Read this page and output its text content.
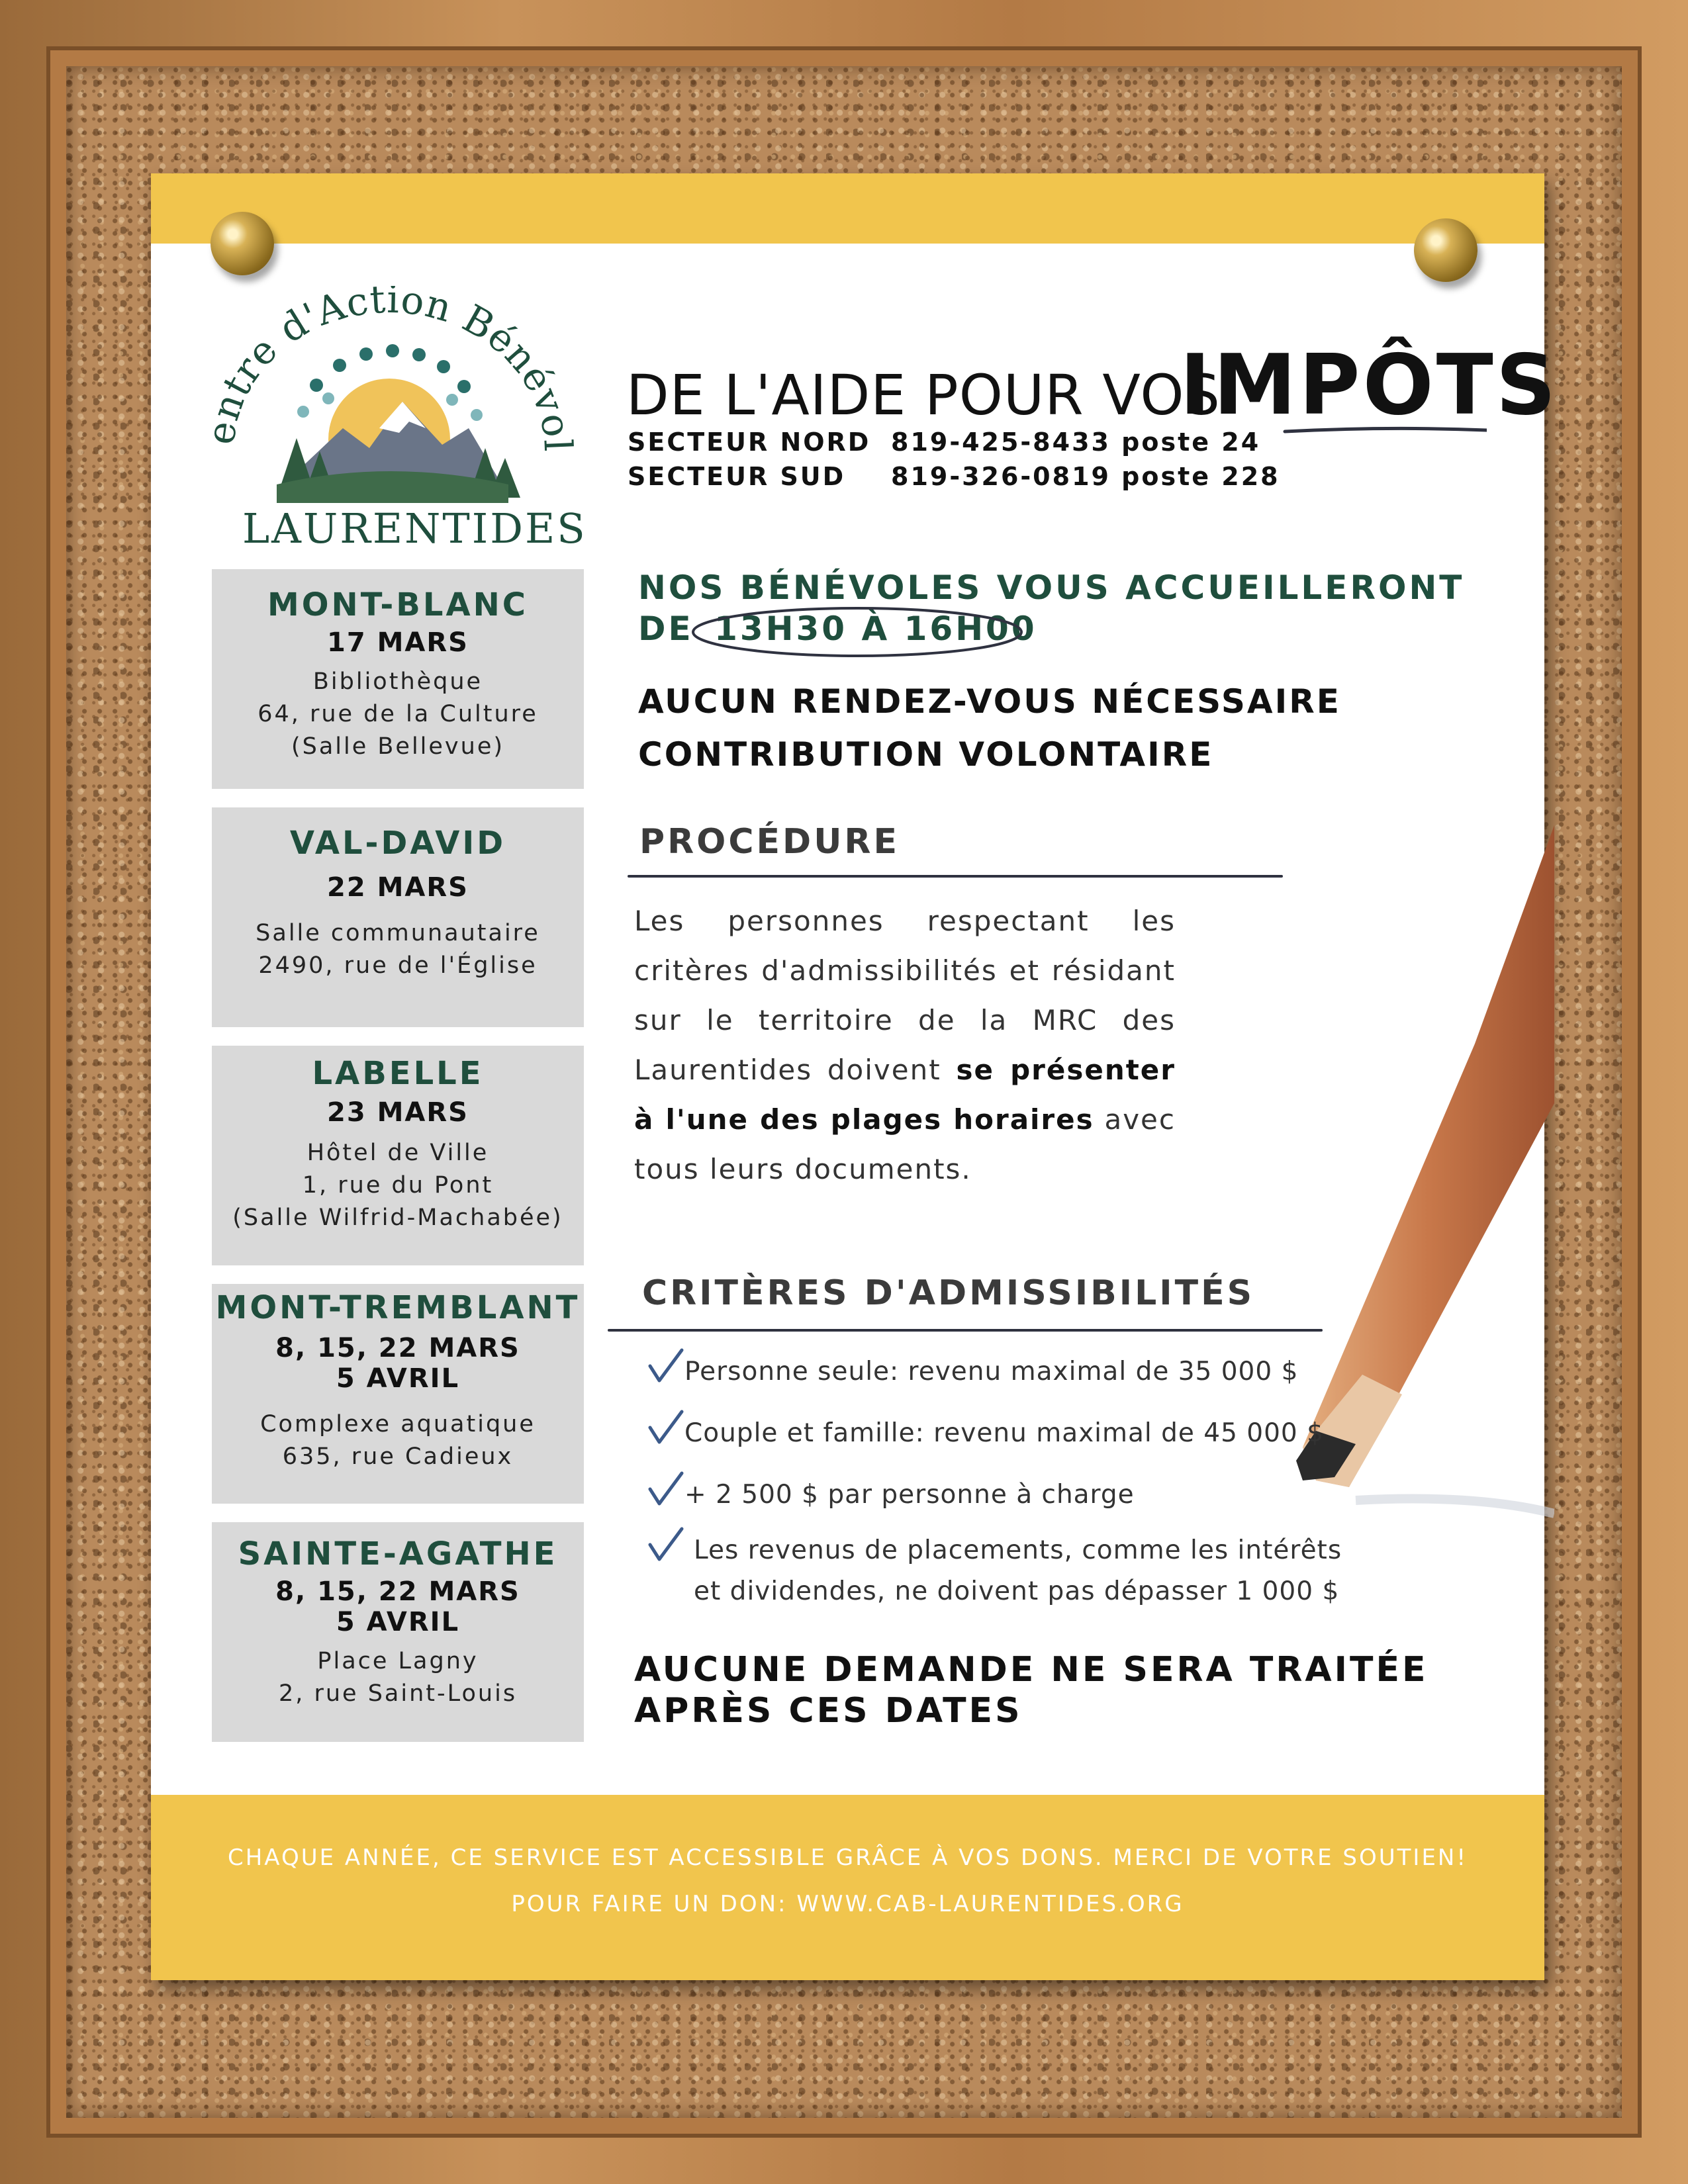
ntre d'Action Bénév
LAURENTIDES
DE L'AIDE POUR VOS
IMPÔTS
SECTEUR NORD 819-425-8433 poste 24
SECTEUR SUD	819-326-0819 poste 228
MONT-BLANC
17 MARS
Bibliothèque
64, rue de la Culture
(Salle Bellevue)
VAL-DAVID
22 MARS
Salle communautaire
2490, rue de l'Église
LABELLE
23 MARS
Hôtel de Ville
1, rue du Pont
(Salle Wilfrid-Machabée)
MONT-TREMBLANT
8, 15, 22 MARS
5 AVRIL
Complexe aquatique
635, rue Cadieux
SAINTE-AGATHE
8, 15, 22 MARS
5 AVRIL
Place Lagny
2, rue Saint-Louis
NOS BÉNÉVOLES VOUS ACCUEILLERONT
DE 13H30 À 16H00
AUCUN RENDEZ-VOUS NÉCESSAIRE
CONTRIBUTION VOLONTAIRE
PROCÉDURE
Les personnes respectant les critères d'admissibilités et résidant sur le territoire de la MRC des Laurentides doivent se présenter à l'une des plages horaires avec tous leurs documents.
CRITÈRES D'ADMISSIBILITÉS
Personne seule: revenu maximal de 35 000 $
Couple et famille: revenu maximal de 45 000 $
+ 2 500 $ par personne à charge
Les revenus de placements, comme les intérêts
et dividendes, ne doivent pas dépasser 1 000 $
AUCUNE DEMANDE NE SERA TRAITÉE
APRÈS CES DATES
CHAQUE ANNÉE, CE SERVICE EST ACCESSIBLE GRÂCE À VOS DONS. MERCI DE VOTRE SOUTIEN!
POUR FAIRE UN DON: WWW.CAB-LAURENTIDES.ORG
